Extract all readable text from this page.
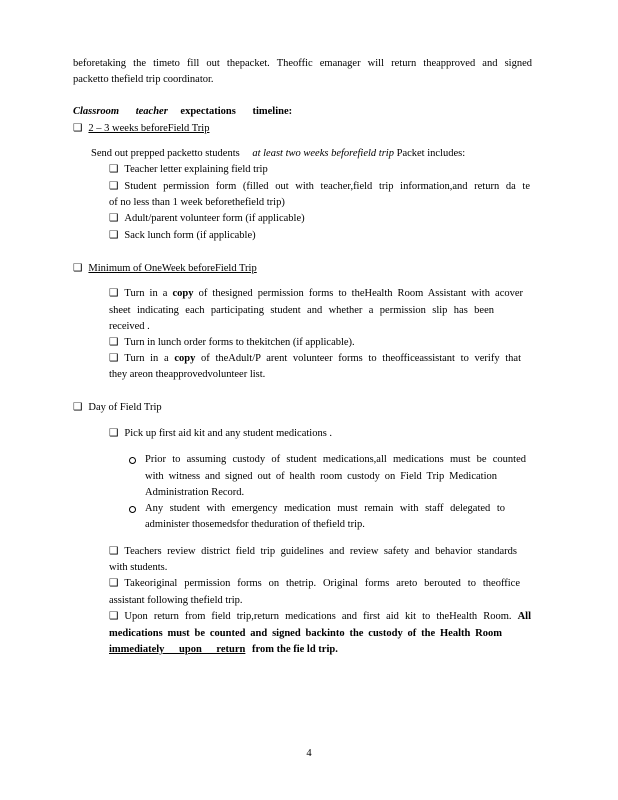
beforetaking the timeto fill out thepacket. Theoffic emanager will return theapproved and signed
packetto thefield trip coordinator.
Classroom teacher expectations timeline:
❑ 2 – 3 weeks beforeField Trip
Send out prepped packetto students at least two weeks beforefield trip Packet includes:
❑ Teacher letter explaining field trip
❑ Student permission form (filled out with teacher,field trip information,and return da te
of no less than 1 week beforethefield trip)
❑ Adult/parent volunteer form (if applicable)
❑ Sack lunch form (if applicable)
❑ Minimum of OneWeek beforeField Trip
❑ Turn in a copy of thesigned permission forms to theHealth Room Assistant with acover
sheet indicating each participating student and whether a permission slip has been
received .
❑ Turn in lunch order forms to thekitchen (if applicable).
❑ Turn in a copy of theAdult/P arent volunteer forms to theofficeassistant to verify that
they areon theapprovedvolunteer list.
❑ Day of Field Trip
❑ Pick up first aid kit and any student medications .
Prior to assuming custody of student medications,all medications must be counted
with witness and signed out of health room custody on Field Trip Medication
Administration Record.
Any student with emergency medication must remain with staff delegated to
administer thosemedsfor theduration of thefield trip.
❑ Teachers review district field trip guidelines and review safety and behavior standards
with students.
❑ Takeoriginal permission forms on thetrip. Original forms areto berouted to theoffice
assistant following thefield trip.
❑ Upon return from field trip,return medications and first aid kit to theHealth Room. All
medications must be counted and signed backinto the custody of the Health Room
immediately upon return from the fie ld trip.
4
